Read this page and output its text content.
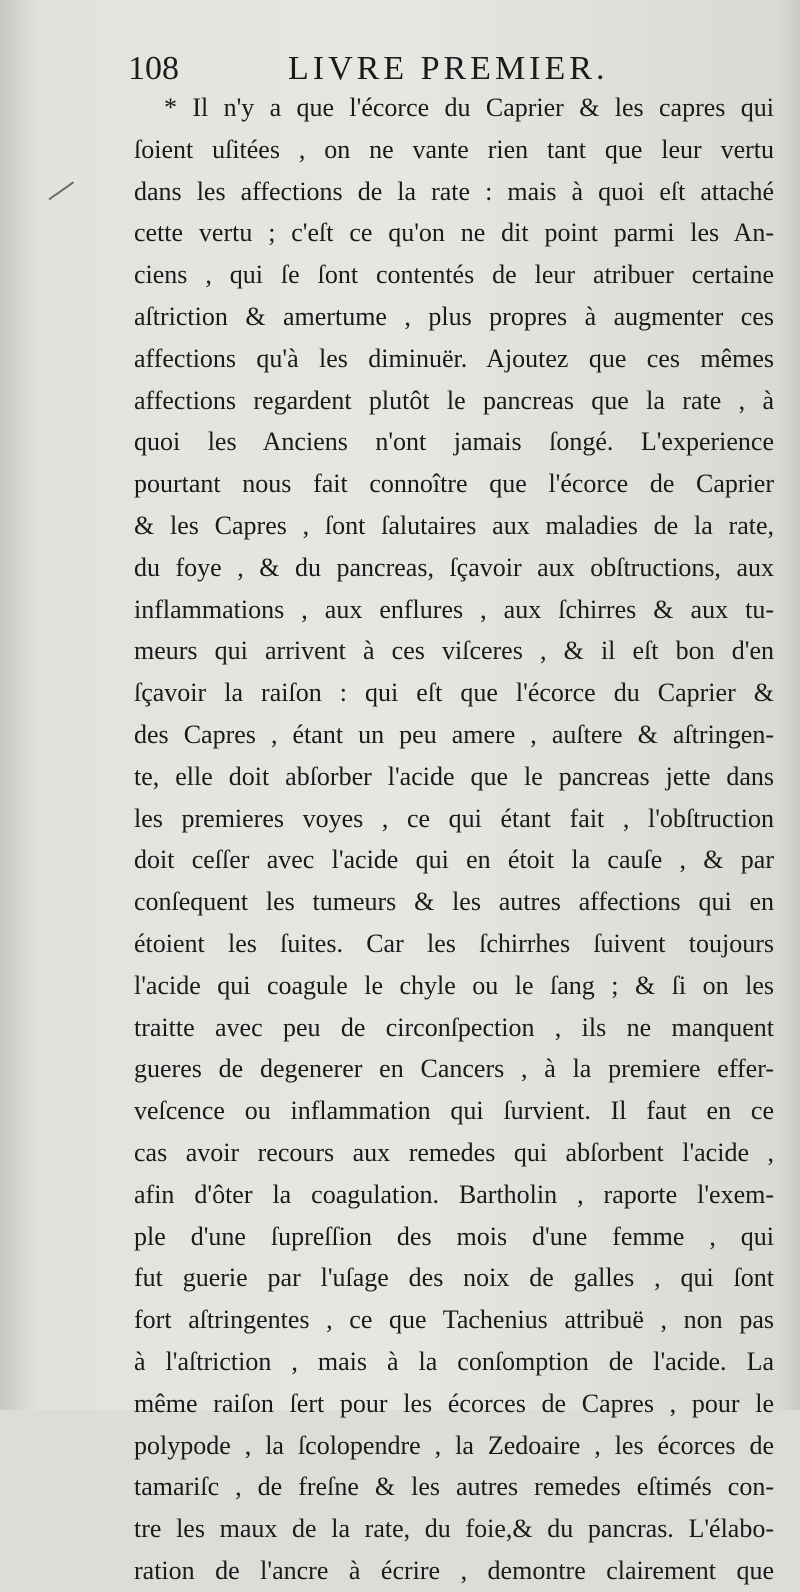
108	LIVRE PREMIER.
* Il n'y a que l'écorce du Caprier & les capres qui
ſoient uſitées , on ne vante rien tant que leur vertu
dans les affections de la rate : mais à quoi eſt attaché
cette vertu ; c'eſt ce qu'on ne dit point parmi les An-
ciens , qui ſe ſont contentés de leur atribuer certaine
aſtriction & amertume , plus propres à augmenter ces
affections qu'à les diminuër. Ajoutez que ces mêmes
affections regardent plutôt le pancreas que la rate , à
quoi les Anciens n'ont jamais ſongé. L'experience
pourtant nous fait connoître que l'écorce de Caprier
& les Capres , ſont ſalutaires aux maladies de la rate,
du foye , & du pancreas, ſçavoir aux obſtructions, aux
inflammations , aux enflures , aux ſchirres & aux tu-
meurs qui arrivent à ces viſceres , & il eſt bon d'en
ſçavoir la raiſon : qui eſt que l'écorce du Caprier &
des Capres , étant un peu amere , auſtere & aſtringen-
te, elle doit abſorber l'acide que le pancreas jette dans
les premieres voyes , ce qui étant fait , l'obſtruction
doit ceſſer avec l'acide qui en étoit la cauſe , & par
conſequent les tumeurs & les autres affections qui en
étoient les ſuites. Car les ſchirrhes ſuivent toujours
l'acide qui coagule le chyle ou le ſang ; & ſi on les
traitte avec peu de circonſpection , ils ne manquent
gueres de degenerer en Cancers , à la premiere effer-
veſcence ou inflammation qui ſurvient. Il faut en ce
cas avoir recours aux remedes qui abſorbent l'acide ,
afin d'ôter la coagulation. Bartholin , raporte l'exem-
ple d'une ſupreſſion des mois d'une femme , qui
fut guerie par l'uſage des noix de galles , qui ſont
fort aſtringentes , ce que Tachenius attribuë , non pas
à l'aſtriction , mais à la conſomption de l'acide. La
même raiſon ſert pour les écorces de Capres , pour le
polypode , la ſcolopendre , la Zedoaire , les écorces de
tamariſc , de freſne & les autres remedes eſtimés con-
tre les maux de la rate, du foie,& du pancras. L'élabo-
ration de l'ancre à écrire , demontre clairement que
